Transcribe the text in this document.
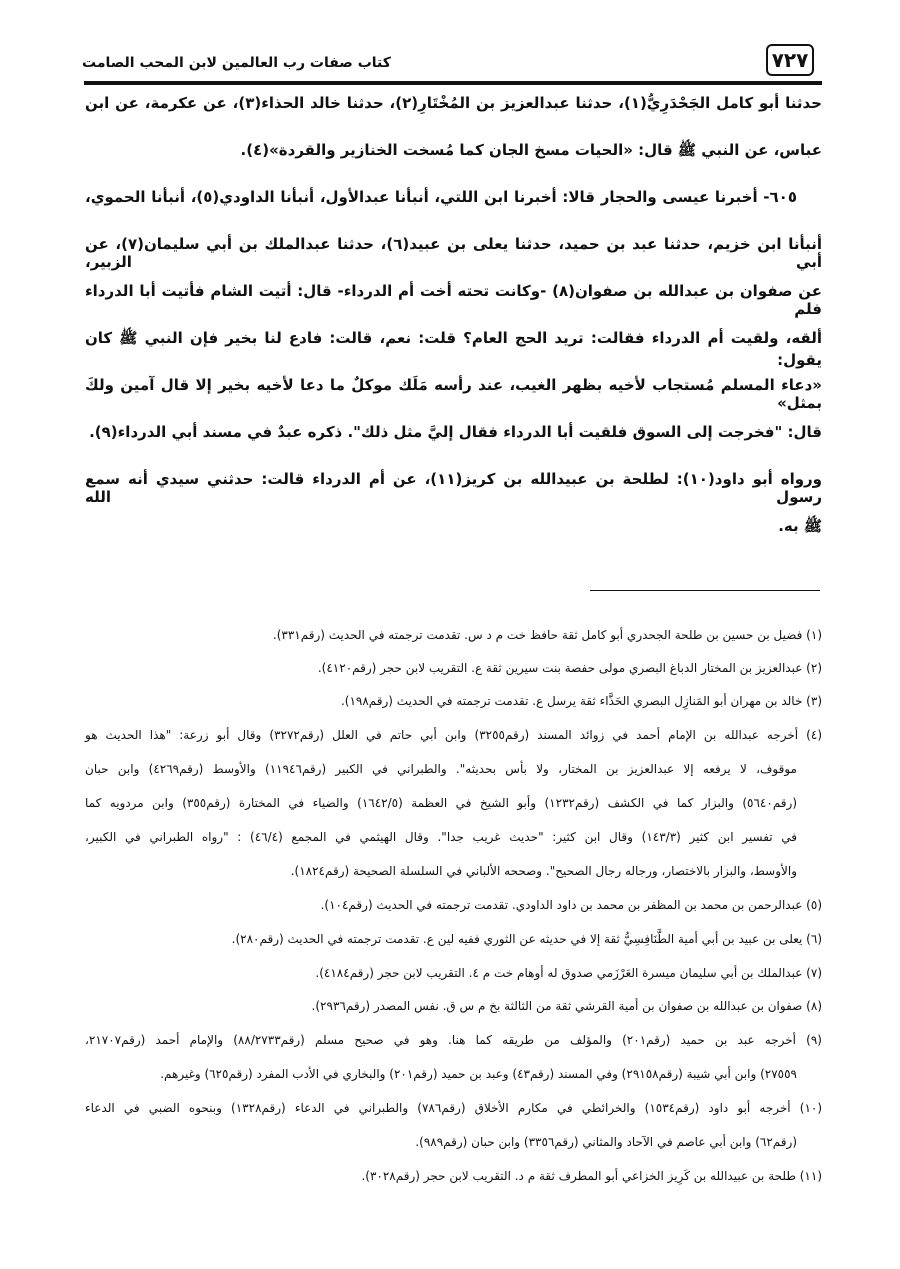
٧٢٧
كتاب صفات رب العالمين لابن المحب الصامت
حدثنا أبو كامل الجَحْدَرِيُّ(١)، حدثنا عبدالعزيز بن المُخْتَارِ(٢)، حدثنا خالد الحذاء(٣)، عن عكرمة، عن ابن
عباس، عن النبي ﷺ قال: «الحيات مسخ الجان كما مُسخت الخنازير والقردة»(٤).
٦٠٥- أخبرنا عيسى والحجار قالا: أخبرنا ابن اللتي، أنبأنا عبدالأول، أنبأنا الداودي(٥)، أنبأنا الحموي،
أنبأنا ابن خزيم، حدثنا عبد بن حميد، حدثنا يعلى بن عبيد(٦)، حدثنا عبدالملك بن أبي سليمان(٧)، عن أبي الزبير،
عن صفوان بن عبدالله بن صفوان(٨) -وكانت تحته أخت أم الدرداء- قال: أتيت الشام فأتيت أبا الدرداء فلم
ألقه، ولقيت أم الدرداء فقالت: تريد الحج العام؟ قلت: نعم، قالت: فادع لنا بخير فإن النبي ﷺ كان يقول:
«دعاء المسلم مُستجاب لأخيه بظهر الغيب، عند رأسه مَلَك موكلٌ ما دعا لأخيه بخير إلا قال آمين ولكَ بمثل»
قال: "فخرجت إلى السوق فلقيت أبا الدرداء فقال إليَّ مثل ذلك". ذكره عبدٌ في مسند أبي الدرداء(٩).
ورواه أبو داود(١٠): لطلحة بن عبيدالله بن كريز(١١)، عن أم الدرداء قالت: حدثني سيدي أنه سمع رسول الله
ﷺ به.
(١) فضيل بن حسين بن طلحة الجحدري أبو كامل ثقة حافظ خت م د س. تقدمت ترجمته في الحديث (رقم٣٣١).
(٢) عبدالعزيز بن المختار الدباغ البصري مولى حفصة بنت سيرين ثقة ع. التقريب لابن حجر (رقم٤١٢٠).
(٣) خالد بن مهران أبو المَنازِل البصري الحَذَّاء ثقة يرسل ع. تقدمت ترجمته في الحديث (رقم١٩٨).
(٤) أخرجه عبدالله بن الإمام أحمد في زوائد المسند (رقم٣٢٥٥) وابن أبي حاتم في العلل (رقم٣٢٧٢) وقال أبو زرعة: "هذا الحديث هو
موقوف، لا يرفعه إلا عبدالعزيز بن المختار، ولا بأس بحديثه". والطبراني في الكبير (رقم١١٩٤٦) والأوسط (رقم٤٢٦٩) وابن حبان
(رقم٥٦٤٠) والبزار كما في الكشف (رقم١٢٣٢) وأبو الشيخ في العظمة (١٦٤٢/٥) والضياء في المختارة (رقم٣٥٥) وابن مردويه كما
في تفسير ابن كثير (١٤٣/٣) وقال ابن كثير: "حديث غريب جدا". وقال الهيثمي في المجمع (٤٦/٤) : "رواه الطبراني في الكبير،
والأوسط، والبزار بالاختصار، ورجاله رجال الصحيح". وصححه الألباني في السلسلة الصحيحة (رقم١٨٢٤).
(٥) عبدالرحمن بن محمد بن المظفر بن محمد بن داود الداودي. تقدمت ترجمته في الحديث (رقم١٠٤).
(٦) يعلى بن عبيد بن أبي أمية الطَّنَافِسِيُّ ثقة إلا في حديثه عن الثوري ففيه لين ع. تقدمت ترجمته في الحديث (رقم٢٨٠).
(٧) عبدالملك بن أبي سليمان ميسرة العَرْزَمي صدوق له أوهام خت م ٤. التقريب لابن حجر (رقم٤١٨٤).
(٨) صفوان بن عبدالله بن صفوان بن أمية القرشي ثقة من الثالثة بخ م س ق. نفس المصدر (رقم٢٩٣٦).
(٩) أخرجه عبد بن حميد (رقم٢٠١) والمؤلف من طريقه كما هنا. وهو في صحيح مسلم (رقم٨٨/٢٧٣٣) والإمام أحمد (رقم٢١٧٠٧،
٢٧٥٥٩) وابن أبي شيبة (رقم٢٩١٥٨) وفي المسند (رقم٤٣) وعبد بن حميد (رقم٢٠١) والبخاري في الأدب المفرد (رقم٦٢٥) وغيرهم.
(١٠) أخرجه أبو داود (رقم١٥٣٤) والخرائطي في مكارم الأخلاق (رقم٧٨٦) والطبراني في الدعاء (رقم١٣٢٨) وبنحوه الضبي في الدعاء
(رقم٦٢) وابن أبي عاصم في الآحاد والمثاني (رقم٣٣٥٦) وابن حبان (رقم٩٨٩).
(١١) طلحة بن عبيدالله بن كَرِيز الخزاعي أبو المطرف ثقة م د. التقريب لابن حجر (رقم٣٠٢٨).
